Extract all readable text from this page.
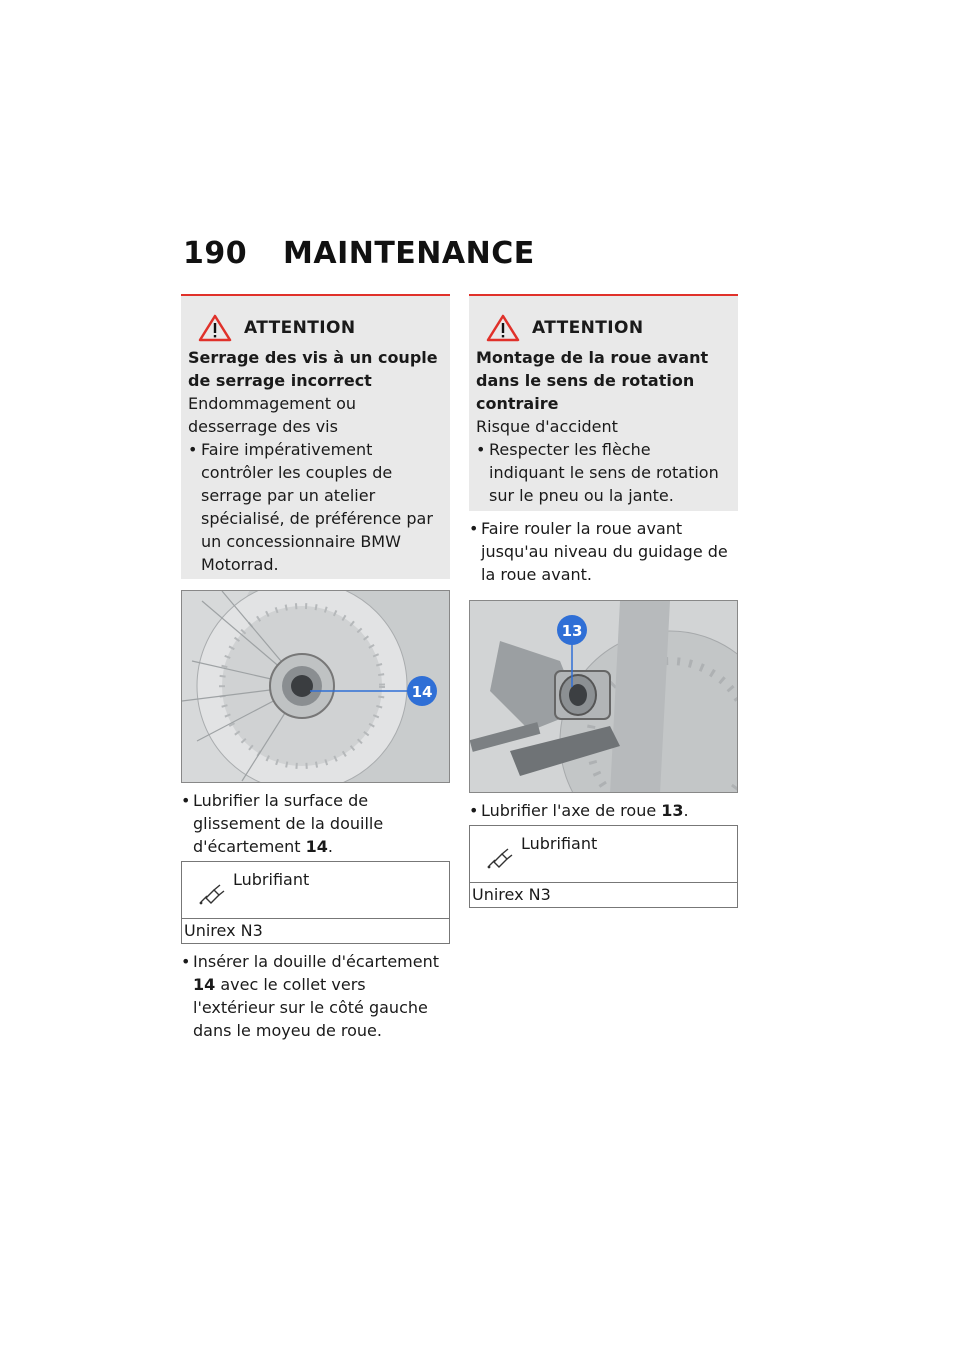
190 MAINTENANCE
ATTENTION
Serrage des vis à un couple de serrage incorrect
Endommagement ou desserrage des vis
• Faire impérativement contrôler les couples de serrage par un atelier spécialisé, de préférence par un concessionnaire BMW Motorrad.
14
• Lubrifier la surface de glissement de la douille d'écartement 14.
Lubrifiant
Unirex N3
• Insérer la douille d'écartement 14 avec le collet vers l'extérieur sur le côté gauche dans le moyeu de roue.
ATTENTION
Montage de la roue avant dans le sens de rotation contraire
Risque d'accident
• Respecter les flèche indiquant le sens de rotation sur le pneu ou la jante.
• Faire rouler la roue avant jusqu'au niveau du guidage de la roue avant.
13
• Lubrifier l'axe de roue 13.
Lubrifiant
Unirex N3
